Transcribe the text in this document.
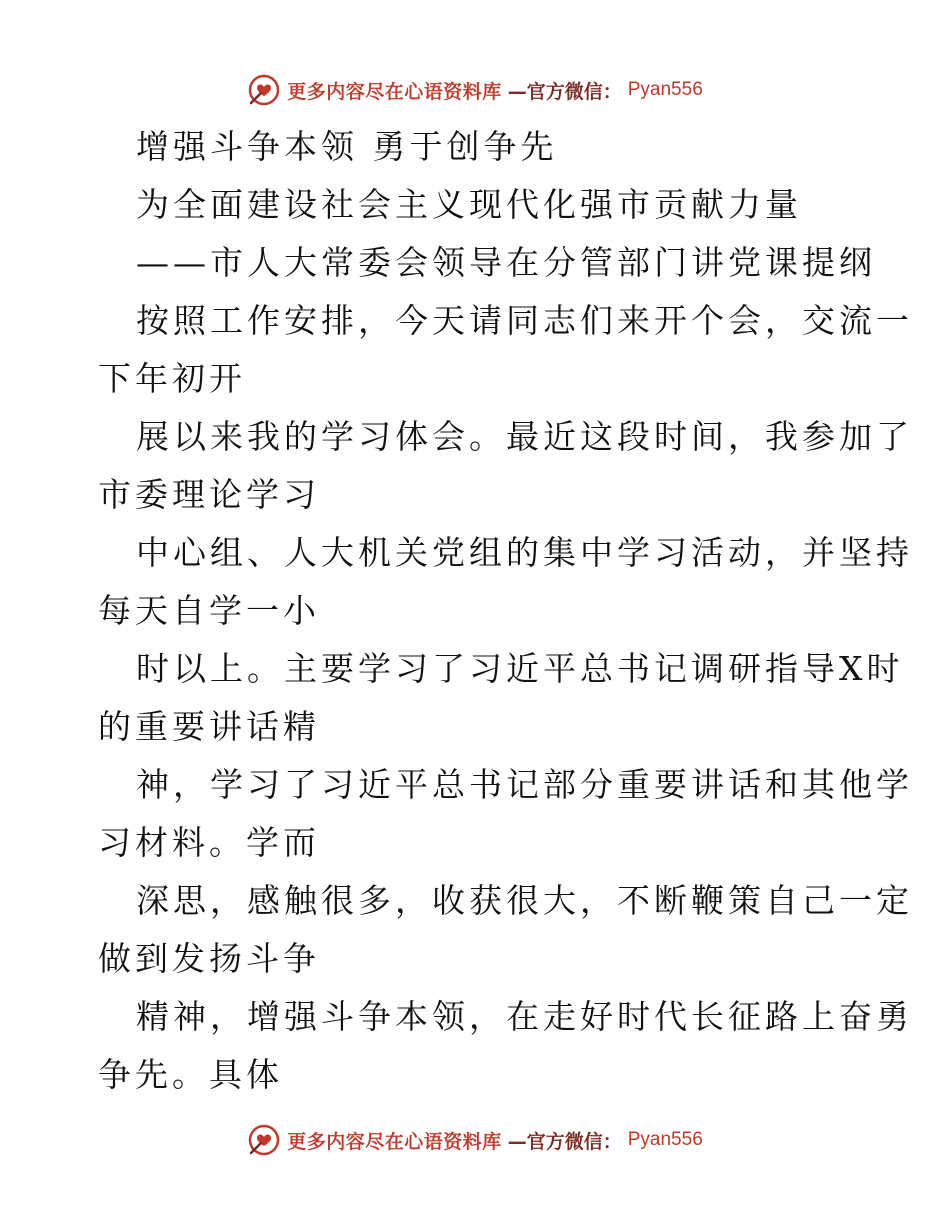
更多内容尽在心语资料库 —官方微信： Pyan556
增强斗争本领 勇于创争先
为全面建设社会主义现代化强市贡献力量
——市人大常委会领导在分管部门讲党课提纲
按照工作安排，今天请同志们来开个会，交流一
下年初开
展以来我的学习体会。最近这段时间，我参加了
市委理论学习
中心组、人大机关党组的集中学习活动，并坚持
每天自学一小
时以上。主要学习了习近平总书记调研指导X时
的重要讲话精
神，学习了习近平总书记部分重要讲话和其他学
习材料。学而
深思，感触很多，收获很大，不断鞭策自己一定
做到发扬斗争
精神，增强斗争本领，在走好时代长征路上奋勇
争先。具体
更多内容尽在心语资料库 —官方微信： Pyan556
